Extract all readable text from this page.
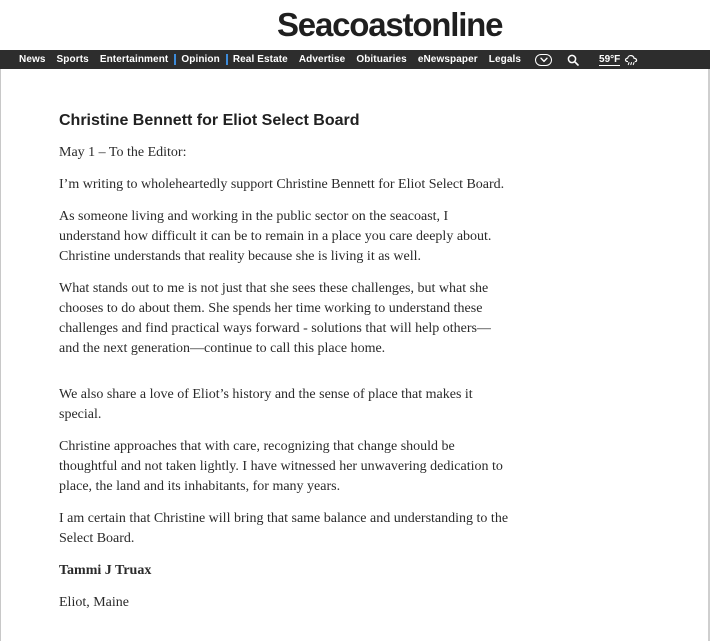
Seacoastonline
News Sports Entertainment	Opinion	Real Estate Advertise Obituaries eNewspaper Legals	59°F
Christine Bennett for Eliot Select Board

May 1 – To the Editor:

I’m writing to wholeheartedly support Christine Bennett for Eliot Select Board.

As someone living and working in the public sector on the seacoast, I understand how difficult it can be to remain in a place you care deeply about. Christine understands that reality because she is living it as well.

What stands out to me is not just that she sees these challenges, but what she chooses to do about them. She spends her time working to understand these challenges and find practical ways forward - solutions that will help others—and the next generation—continue to call this place home.

We also share a love of Eliot’s history and the sense of place that makes it special.

Christine approaches that with care, recognizing that change should be thoughtful and not taken lightly. I have witnessed her unwavering dedication to place, the land and its inhabitants, for many years.

I am certain that Christine will bring that same balance and understanding to the Select Board.

Tammi J Truax

Eliot, Maine
